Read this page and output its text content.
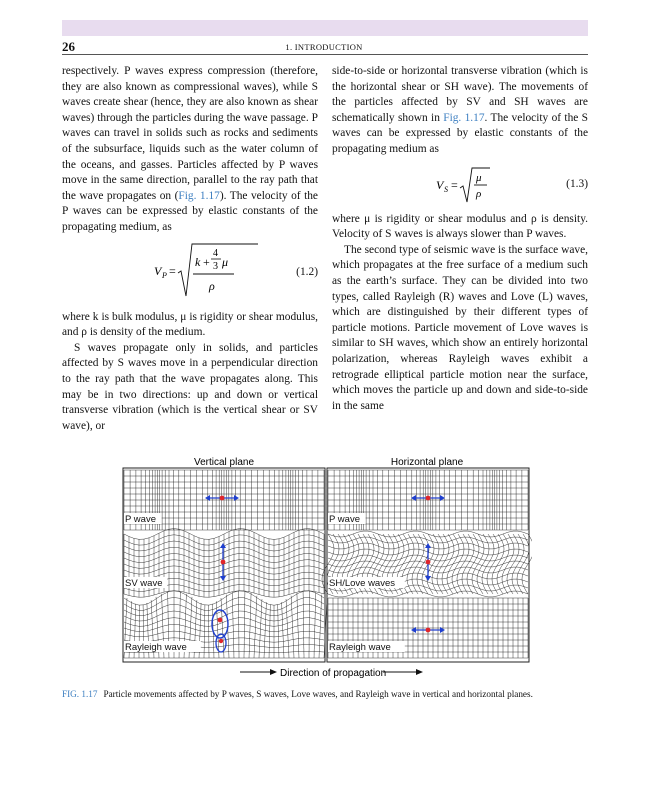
26	1. INTRODUCTION

respectively. P waves express compression (therefore, they are also known as compressional waves), while S waves create shear (hence, they are also known as shear waves) through the particles during the wave passage. P waves can travel in solids such as rocks and sediments of the subsurface, liquids such as the water column of the oceans, and gasses. Particles affected by P waves move in the same direction, parallel to the ray path that the wave propagates on (Fig. 1.17). The velocity of the P waves can be expressed by elastic constants of the propagating medium, as

V P =
k +
4
3 μ
ρ
(1.2)

where k is bulk modulus, μ is rigidity or shear modulus, and ρ is density of the medium.

S waves propagate only in solids, and particles affected by S waves move in a perpendicular direction to the ray path that the wave propagates along. This may be in two directions: up and down or vertical transverse vibration (which is the vertical shear or SV wave), or

side-to-side or horizontal transverse vibration (which is the horizontal shear or SH wave). The movements of the particles affected by SV and SH waves are schematically shown in Fig. 1.17. The velocity of the S waves can be expressed by elastic constants of the propagating medium as

V S = μ
ρ
(1.3)

where μ is rigidity or shear modulus and ρ is density. Velocity of S waves is always slower than P waves.

The second type of seismic wave is the surface wave, which propagates at the free surface of a medium such as the earth’s surface. They can be divided into two types, called Rayleigh (R) waves and Love (L) waves, which are distinguished by their different types of particle motions. Particle movement of Love waves is similar to SH waves, which show an entirely horizontal polarization, whereas Rayleigh waves exhibit a retrograde elliptical particle motion near the surface, which moves the particle up and down and side-to-side in the same

Vertical plane	Horizontal plane
P wave
SV wave
Rayleigh wave
P wave
SH/Love waves
Rayleigh wave
Direction of propagation
FIG. 1.17 Particle movements affected by P waves, S waves, Love waves, and Rayleigh wave in vertical and horizontal planes.
